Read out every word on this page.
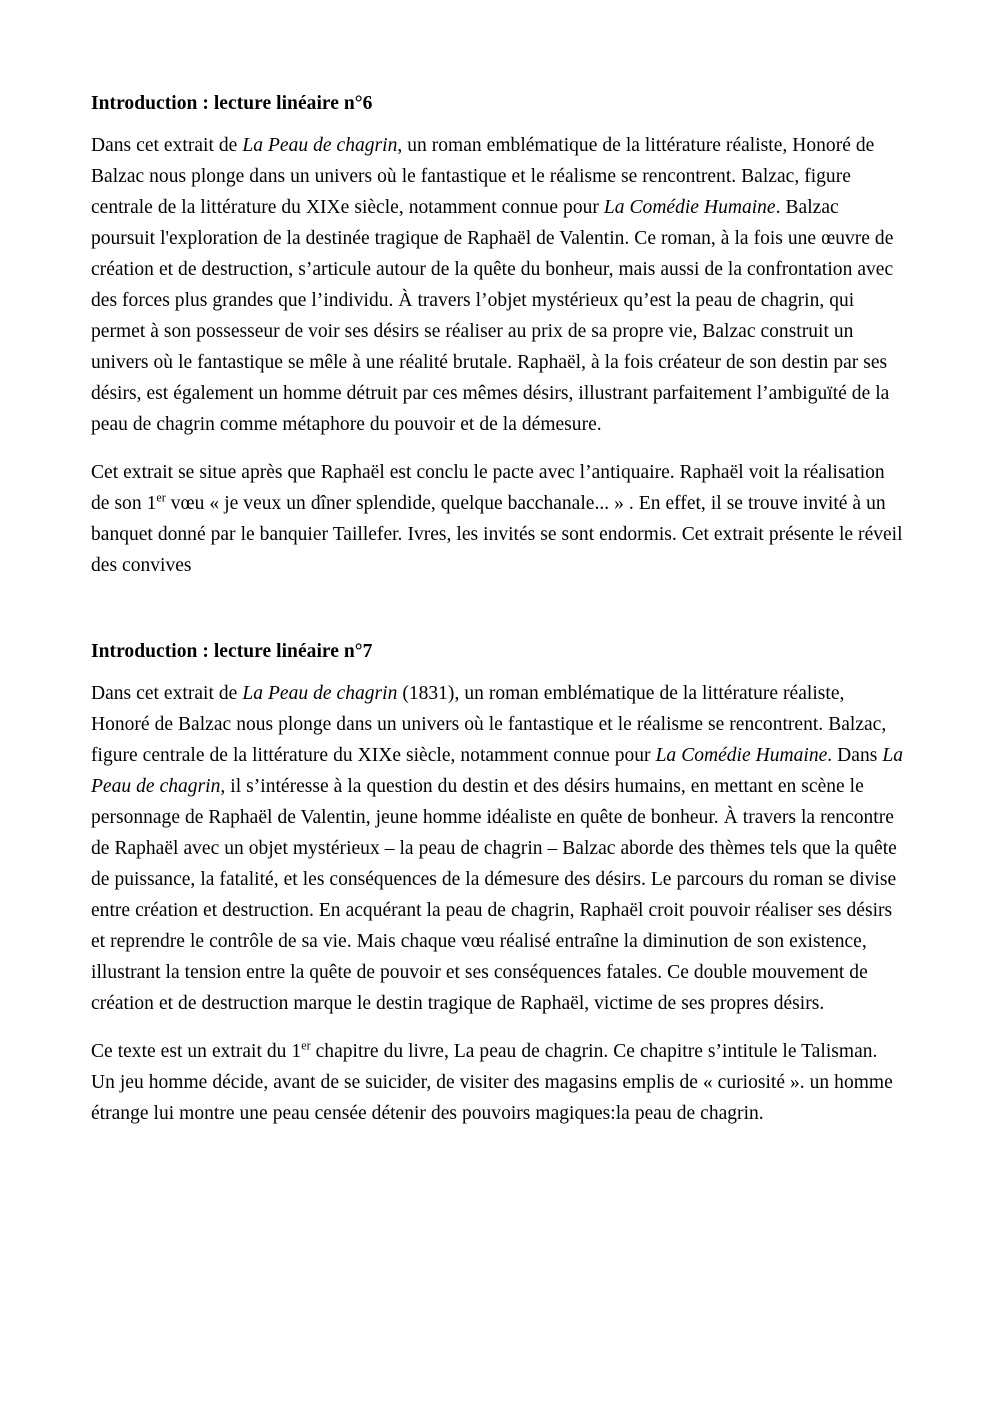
Introduction : lecture linéaire n°6

Dans cet extrait de La Peau de chagrin, un roman emblématique de la littérature réaliste, Honoré de Balzac nous plonge dans un univers où le fantastique et le réalisme se rencontrent. Balzac, figure centrale de la littérature du XIXe siècle, notamment connue pour La Comédie Humaine. Balzac poursuit l'exploration de la destinée tragique de Raphaël de Valentin. Ce roman, à la fois une œuvre de création et de destruction, s’articule autour de la quête du bonheur, mais aussi de la confrontation avec des forces plus grandes que l’individu. À travers l’objet mystérieux qu’est la peau de chagrin, qui permet à son possesseur de voir ses désirs se réaliser au prix de sa propre vie, Balzac construit un univers où le fantastique se mêle à une réalité brutale. Raphaël, à la fois créateur de son destin par ses désirs, est également un homme détruit par ces mêmes désirs, illustrant parfaitement l’ambiguïté de la peau de chagrin comme métaphore du pouvoir et de la démesure.

Cet extrait se situe après que Raphaël est conclu le pacte avec l’antiquaire. Raphaël voit la réalisation de son 1er vœu « je veux un dîner splendide, quelque bacchanale... » . En effet, il se trouve invité à un banquet donné par le banquier Taillefer. Ivres, les invités se sont endormis. Cet extrait présente le réveil des convives

Introduction : lecture linéaire n°7

Dans cet extrait de La Peau de chagrin (1831), un roman emblématique de la littérature réaliste, Honoré de Balzac nous plonge dans un univers où le fantastique et le réalisme se rencontrent. Balzac, figure centrale de la littérature du XIXe siècle, notamment connue pour La Comédie Humaine. Dans La Peau de chagrin, il s’intéresse à la question du destin et des désirs humains, en mettant en scène le personnage de Raphaël de Valentin, jeune homme idéaliste en quête de bonheur. À travers la rencontre de Raphaël avec un objet mystérieux – la peau de chagrin – Balzac aborde des thèmes tels que la quête de puissance, la fatalité, et les conséquences de la démesure des désirs. Le parcours du roman se divise entre création et destruction. En acquérant la peau de chagrin, Raphaël croit pouvoir réaliser ses désirs et reprendre le contrôle de sa vie. Mais chaque vœu réalisé entraîne la diminution de son existence, illustrant la tension entre la quête de pouvoir et ses conséquences fatales. Ce double mouvement de création et de destruction marque le destin tragique de Raphaël, victime de ses propres désirs.

Ce texte est un extrait du 1er chapitre du livre, La peau de chagrin. Ce chapitre s’intitule le Talisman. Un jeu homme décide, avant de se suicider, de visiter des magasins emplis de « curiosité ». un homme étrange lui montre une peau censée détenir des pouvoirs magiques:la peau de chagrin.
